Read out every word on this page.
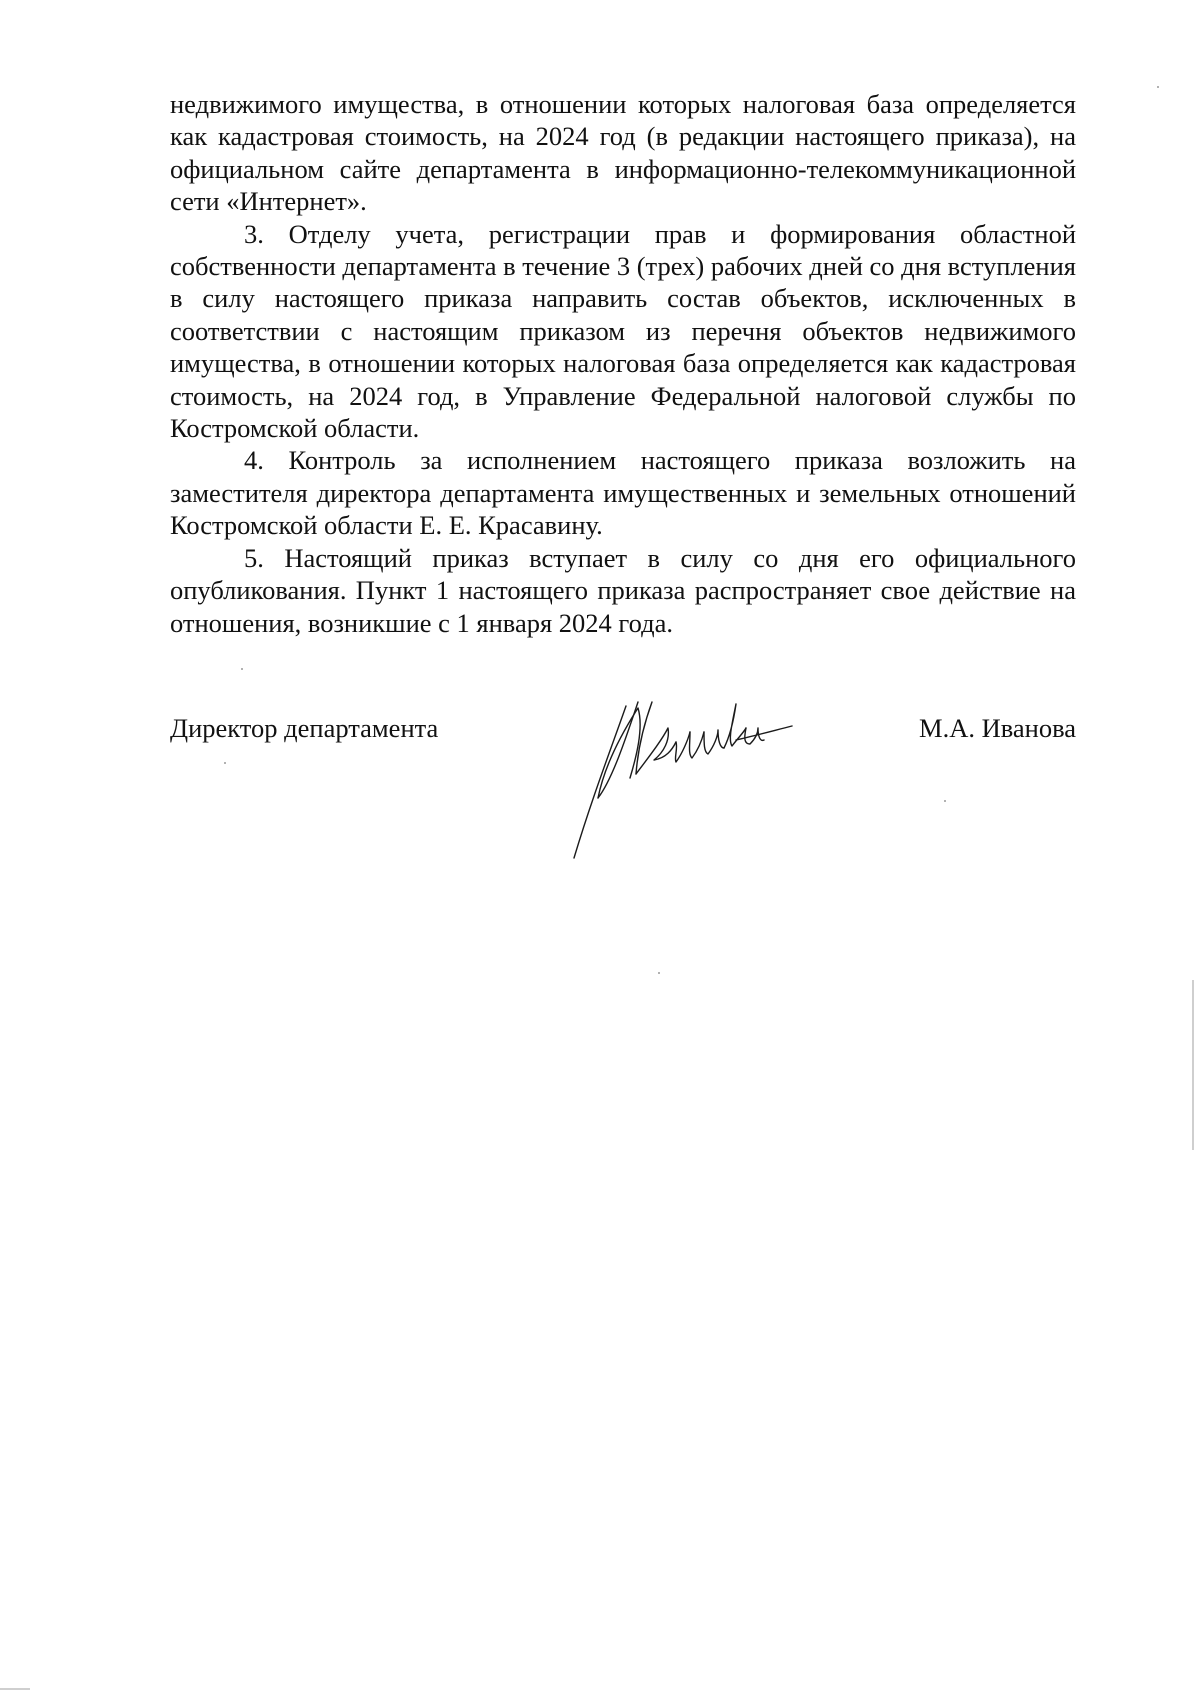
недвижимого имущества, в отношении которых налоговая база определяется как кадастровая стоимость, на 2024 год (в редакции настоящего приказа), на официальном сайте департамента в информационно-телекоммуникационной сети «Интернет».

3. Отделу учета, регистрации прав и формирования областной собственности департамента в течение 3 (трех) рабочих дней со дня вступления в силу настоящего приказа направить состав объектов, исключенных в соответствии с настоящим приказом из перечня объектов недвижимого имущества, в отношении которых налоговая база определяется как кадастровая стоимость, на 2024 год, в Управление Федеральной налоговой службы по Костромской области.

4. Контроль за исполнением настоящего приказа возложить на заместителя директора департамента имущественных и земельных отношений Костромской области Е. Е. Красавину.

5. Настоящий приказ вступает в силу со дня его официального опубликования. Пункт 1 настоящего приказа распространяет свое действие на отношения, возникшие с 1 января 2024 года.

Директор департамента	М.А. Иванова
